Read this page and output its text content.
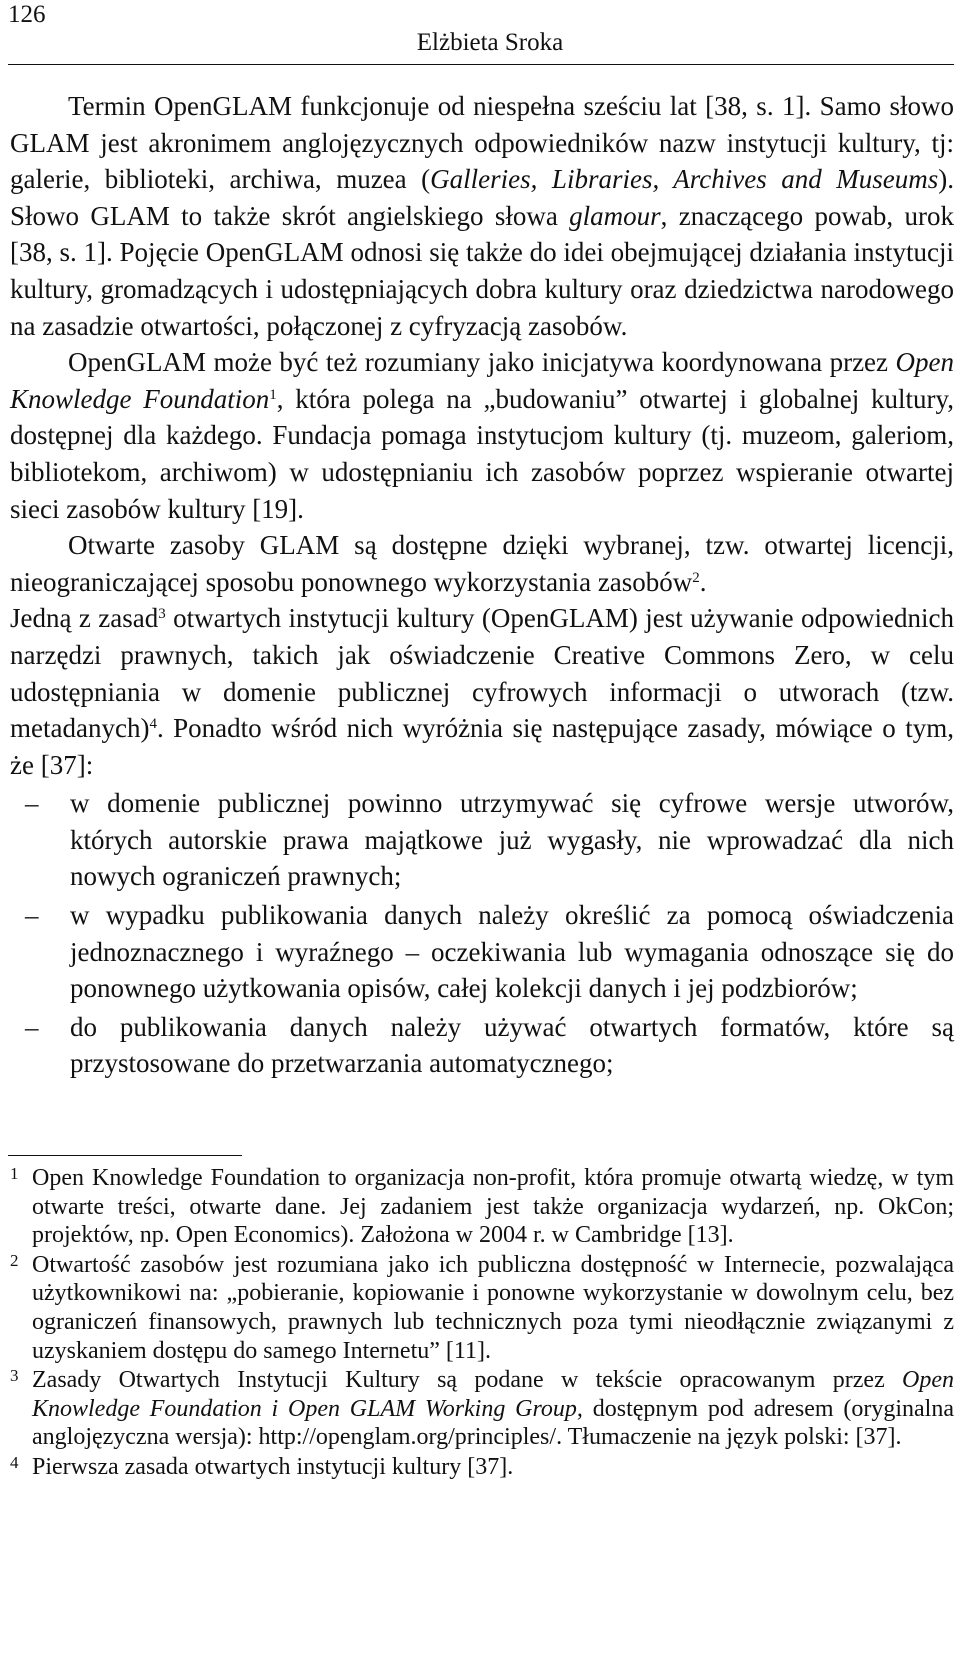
126
Elżbieta Sroka

Termin OpenGLAM funkcjonuje od niespełna sześciu lat [38, s. 1]. Samo słowo GLAM jest akronimem anglojęzycznych odpowiedników nazw instytucji kultury, tj: galerie, biblioteki, archiwa, muzea (Galleries, Libraries, Archives and Museums). Słowo GLAM to także skrót angielskiego słowa glamour, znaczącego powab, urok [38, s. 1]. Pojęcie OpenGLAM odnosi się także do idei obejmującej działania instytucji kultury, gromadzących i udostępniających dobra kultury oraz dziedzictwa narodowego na zasadzie otwartości, połączonej z cyfryzacją zasobów.

OpenGLAM może być też rozumiany jako inicjatywa koordynowana przez Open Knowledge Foundation$^1$, która polega na „budowaniu” otwartej i globalnej kultury, dostępnej dla każdego. Fundacja pomaga instytucjom kultury (tj. muzeom, galeriom, bibliotekom, archiwom) w udostępnianiu ich zasobów poprzez wspieranie otwartej sieci zasobów kultury [19].

Otwarte zasoby GLAM są dostępne dzięki wybranej, tzw. otwartej licencji, nieograniczającej sposobu ponownego wykorzystania zasobów$^2$.

Jedną z zasad$^3$ otwartych instytucji kultury (OpenGLAM) jest używanie odpowiednich narzędzi prawnych, takich jak oświadczenie Creative Commons Zero, w celu udostępniania w domenie publicznej cyfrowych informacji o utworach (tzw. metadanych)$^4$. Ponadto wśród nich wyróżnia się następujące zasady, mówiące o tym, że [37]:

– w domenie publicznej powinno utrzymywać się cyfrowe wersje utworów, których autorskie prawa majątkowe już wygasły, nie wprowadzać dla nich nowych ograniczeń prawnych;
– w wypadku publikowania danych należy określić za pomocą oświadczenia jednoznacznego i wyraźnego – oczekiwania lub wymagania odnoszące się do ponownego użytkowania opisów, całej kolekcji danych i jej podzbiorów;
– do publikowania danych należy używać otwartych formatów, które są przystosowane do przetwarzania automatycznego;
1 Open Knowledge Foundation to organizacja non-profit, która promuje otwartą wiedzę, w tym otwarte treści, otwarte dane. Jej zadaniem jest także organizacja wydarzeń, np. OkCon; projektów, np. Open Economics). Założona w 2004 r. w Cambridge [13].
2 Otwartość zasobów jest rozumiana jako ich publiczna dostępność w Internecie, pozwalająca użytkownikowi na: „pobieranie, kopiowanie i ponowne wykorzystanie w dowolnym celu, bez ograniczeń finansowych, prawnych lub technicznych poza tymi nieodłącznie związanymi z uzyskaniem dostępu do samego Internetu” [11].
3 Zasady Otwartych Instytucji Kultury są podane w tekście opracowanym przez Open Knowledge Foundation i Open GLAM Working Group, dostępnym pod adresem (oryginalna anglojęzyczna wersja): http://openglam.org/principles/. Tłumaczenie na język polski: [37].
4 Pierwsza zasada otwartych instytucji kultury [37].
